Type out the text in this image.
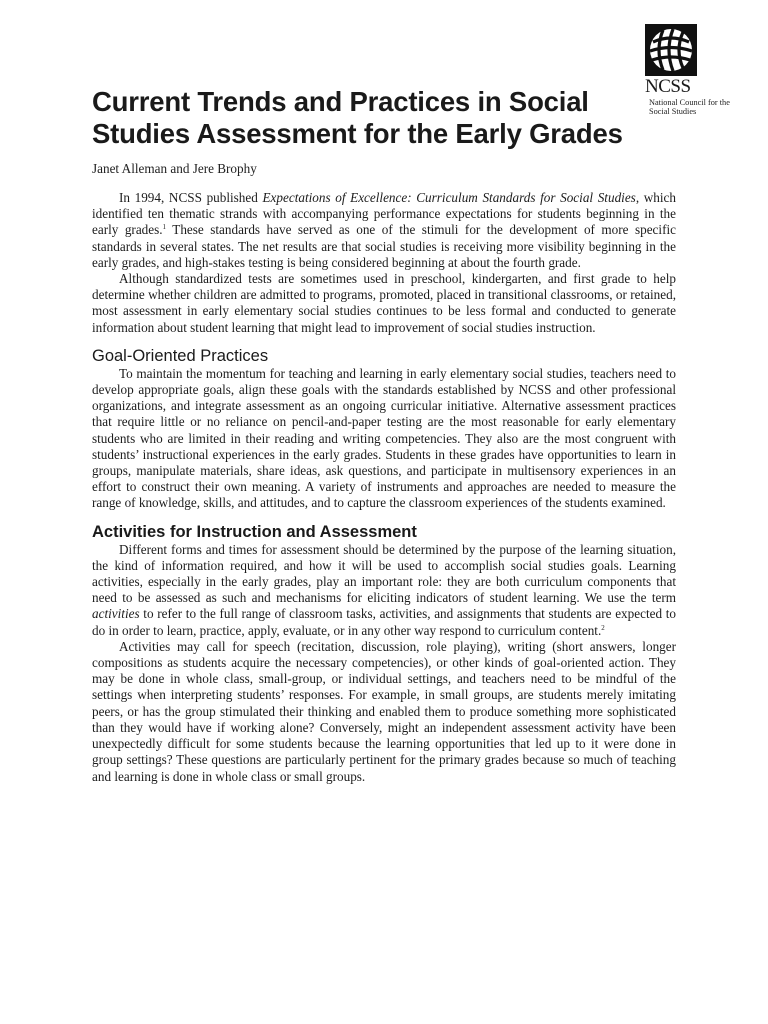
NCSS
National Council for the
Social Studies
Current Trends and Practices in Social
Studies Assessment for the Early Grades
Janet Alleman and Jere Brophy

In 1994, NCSS published Expectations of Excellence: Curriculum Standards for Social Studies, which identified ten thematic strands with accompanying performance expectations for students beginning in the early grades.$^1$ These standards have served as one of the stimuli for the development of more specific standards in several states. The net results are that social studies is receiving more visibility beginning in the early grades, and high-stakes testing is being considered beginning at about the fourth grade.

Although standardized tests are sometimes used in preschool, kindergarten, and first grade to help determine whether children are admitted to programs, promoted, placed in transitional classrooms, or retained, most assessment in early elementary social studies continues to be less formal and conducted to generate information about student learning that might lead to improvement of social studies instruction.

Goal-Oriented Practices

To maintain the momentum for teaching and learning in early elementary social studies, teachers need to develop appropriate goals, align these goals with the standards established by NCSS and other professional organizations, and integrate assessment as an ongoing curricular initiative. Alternative assessment practices that require little or no reliance on pencil-and-paper testing are the most reasonable for early elementary students who are limited in their reading and writing competencies. They also are the most congruent with students’ instructional experiences in the early grades. Students in these grades have opportunities to learn in groups, manipulate materials, share ideas, ask questions, and participate in multisensory experiences in an effort to construct their own meaning. A variety of instruments and approaches are needed to measure the range of knowledge, skills, and attitudes, and to capture the classroom experiences of the students examined.

Activities for Instruction and Assessment

Different forms and times for assessment should be determined by the purpose of the learning situation, the kind of information required, and how it will be used to accomplish social studies goals. Learning activities, especially in the early grades, play an important role: they are both curriculum components that need to be assessed as such and mechanisms for eliciting indicators of student learning. We use the term activities to refer to the full range of classroom tasks, activities, and assignments that students are expected to do in order to learn, practice, apply, evaluate, or in any other way respond to curriculum content.$^2$

Activities may call for speech (recitation, discussion, role playing), writing (short answers, longer compositions as students acquire the necessary competencies), or other kinds of goal-oriented action. They may be done in whole class, small-group, or individual settings, and teachers need to be mindful of the settings when interpreting students’ responses. For example, in small groups, are students merely imitating peers, or has the group stimulated their thinking and enabled them to produce something more sophisticated than they would have if working alone? Conversely, might an independent assessment activity have been unexpectedly difficult for some students because the learning opportunities that led up to it were done in group settings? These questions are particularly pertinent for the primary grades because so much of teaching and learning is done in whole class or small groups.
